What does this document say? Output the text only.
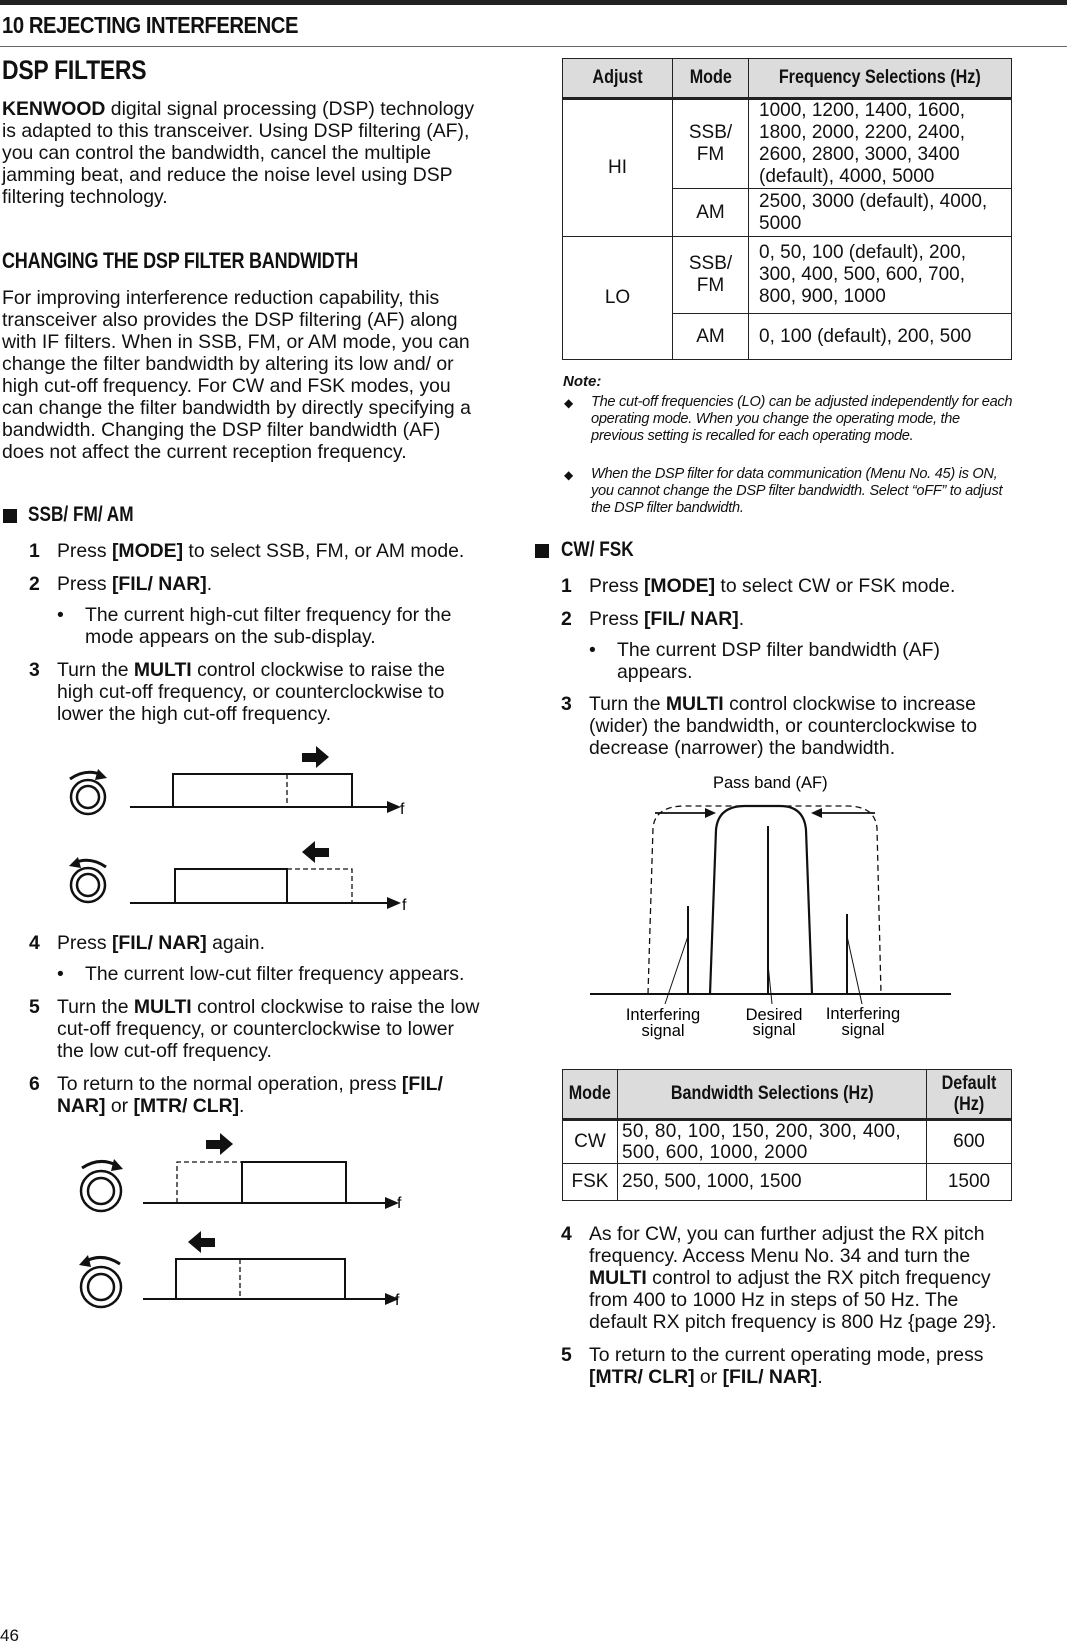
10 REJECTING INTERFERENCE
DSP FILTERS
KENWOOD digital signal processing (DSP) technology is adapted to this transceiver. Using DSP filtering (AF), you can control the bandwidth, cancel the multiple jamming beat, and reduce the noise level using DSP filtering technology.
CHANGING THE DSP FILTER BANDWIDTH
For improving interference reduction capability, this transceiver also provides the DSP filtering (AF) along with IF filters. When in SSB, FM, or AM mode, you can change the filter bandwidth by altering its low and/ or high cut-off frequency. For CW and FSK modes, you can change the filter bandwidth by directly specifying a bandwidth. Changing the DSP filter bandwidth (AF) does not affect the current reception frequency.
SSB/ FM/ AM
1 Press [MODE] to select SSB, FM, or AM mode.
2 Press [FIL/ NAR].
• The current high-cut filter frequency for the mode appears on the sub-display.
3 Turn the MULTI control clockwise to raise the high cut-off frequency, or counterclockwise to lower the high cut-off frequency.
f
f
4 Press [FIL/ NAR] again.
• The current low-cut filter frequency appears.
5 Turn the MULTI control clockwise to raise the low cut-off frequency, or counterclockwise to lower the low cut-off frequency.
6 To return to the normal operation, press [FIL/ NAR] or [MTR/ CLR].
f
f
Adjust	Mode	Frequency Selections (Hz)
HI	SSB/ FM	1000, 1200, 1400, 1600, 1800, 2000, 2200, 2400, 2600, 2800, 3000, 3400 (default), 4000, 5000
	AM	2500, 3000 (default), 4000, 5000
LO	SSB/ FM	0, 50, 100 (default), 200, 300, 400, 500, 600, 700, 800, 900, 1000
	AM	0, 100 (default), 200, 500
Note:
◆ The cut-off frequencies (LO) can be adjusted independently for each operating mode. When you change the operating mode, the previous setting is recalled for each operating mode.
◆ When the DSP filter for data communication (Menu No. 45) is ON, you cannot change the DSP filter bandwidth. Select “oFF” to adjust the DSP filter bandwidth.
CW/ FSK
1 Press [MODE] to select CW or FSK mode.
2 Press [FIL/ NAR].
• The current DSP filter bandwidth (AF) appears.
3 Turn the MULTI control clockwise to increase (wider) the bandwidth, or counterclockwise to decrease (narrower) the bandwidth.
Pass band (AF)
Interfering
signal
Desired
signal
Interfering
signal
Mode	Bandwidth Selections (Hz)	Default (Hz)
CW	50, 80, 100, 150, 200, 300, 400, 500, 600, 1000, 2000	600
FSK	250, 500, 1000, 1500	1500
4 As for CW, you can further adjust the RX pitch frequency. Access Menu No. 34 and turn the MULTI control to adjust the RX pitch frequency from 400 to 1000 Hz in steps of 50 Hz. The default RX pitch frequency is 800 Hz {page 29}.
5 To return to the current operating mode, press [MTR/ CLR] or [FIL/ NAR].
46
